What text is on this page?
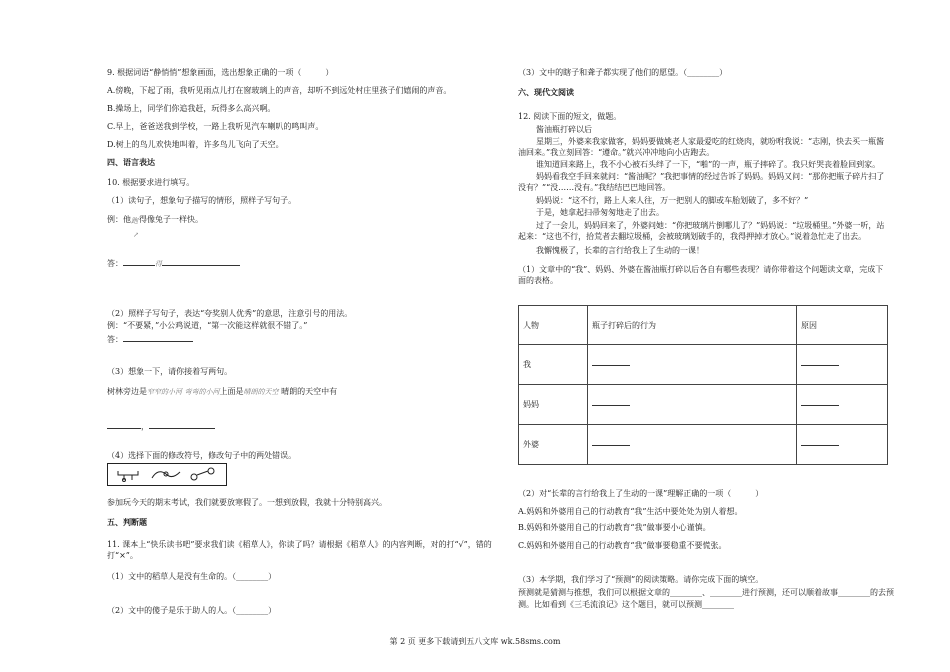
9. 根据词语“静悄悄”想象画面，选出想象正确的一项（　　　）
A.傍晚，下起了雨，我听见雨点儿打在窗玻璃上的声音，却听不到远处村庄里孩子们嬉闹的声音。
B.操场上，同学们你追我赶，玩得多么高兴啊。
C.早上，爸爸送我到学校，一路上我听见汽车喇叭的鸣叫声。
D.树上的鸟儿欢快地叫着，许多鸟儿飞向了天空。
四、语言表达
10. 根据要求进行填写。
（1）读句子，想象句子描写的情形，照样子写句子。
例：他 跑
↗
得像兔子一样快。
答：	得
（2）照样子写句子，表达“夸奖别人优秀”的意思，注意引号的用法。
例：“不要紧，”小公鸡说道，“第一次能这样就很不错了。”
答：
（3）想象一下，请你接着写两句。
树林旁边是窄窄的小河 弯弯的小河上面是晴朗的天空 晴朗的天空中有
，
（4）选择下面的修改符号，修改句子中的两处错误。
参加玩今天的期末考试，我们就要放寒假了。一想到放假，我就十分特别高兴。
五、判断题
11. 课本上“快乐读书吧”要求我们读《稻草人》，你读了吗？请根据《稻草人》的内容判断，对的打“√”，错的打“×”。
（1）文中的稻草人是没有生命的。（________）
（2）文中的傻子是乐于助人的人。（________）
（3）文中的瞎子和聋子都实现了他们的愿望。（________）
六、现代文阅读
12. 阅读下面的短文，做题。
酱油瓶打碎以后
星期三，外婆来我家做客，妈妈要做姚老人家最爱吃的红烧肉，就吩咐我说：“志刚，快去买一瓶酱油回来。”我立刻回答：“遵命。”就兴冲冲地向小店跑去。
谁知道回来路上，我不小心被石头绊了一下，“啪”的一声，瓶子摔碎了。我只好哭丧着脸回到家。
妈妈看我空手回来就问：“酱油呢？”我把事情的经过告诉了妈妈。妈妈又问：“那你把瓶子碎片扫了没有？”“没……没有。”我结结巴巴地回答。
妈妈说：“这不行，路上人来人往，万一把别人的脚或车胎划破了，多不好？”
于是，她拿起扫帚匆匆地走了出去。
过了一会儿，妈妈回来了，外婆问她：“你把玻璃片倒哪儿了？”妈妈说：“垃圾桶里。”外婆一听，站起来：“这也不行，拾荒者去翻垃圾桶，会被玻璃划破手的，我得押掉才放心。”说着急忙走了出去。
我懈愧极了，长辈的言行给我上了生动的一课！
（1）文章中的“我”、妈妈、外婆在酱油瓶打碎以后各自有哪些表现？请你带着这个问题读文章，完成下面的表格。
人物	瓶子打碎后的行为	原因
我		
妈妈		
外婆		
（2）对“长辈的言行给我上了生动的一课”理解正确的一项（　　　）
A.妈妈和外婆用自己的行动教育“我”生活中要处处为别人着想。
B.妈妈和外婆用自己的行动教育“我”做事要小心谨慎。
C.妈妈和外婆用自己的行动教育“我”做事要稳重不要慌张。
（3）本学期，我们学习了“预测”的阅读策略。请你完成下面的填空。
预测就是猜测与推想，我们可以根据文章的________、________进行预测，还可以顺着故事________的去预
测。比如看到《三毛流浪记》这个题目，就可以预测________
第 2 页 更多下载请到五八文库 wk.58sms.com
